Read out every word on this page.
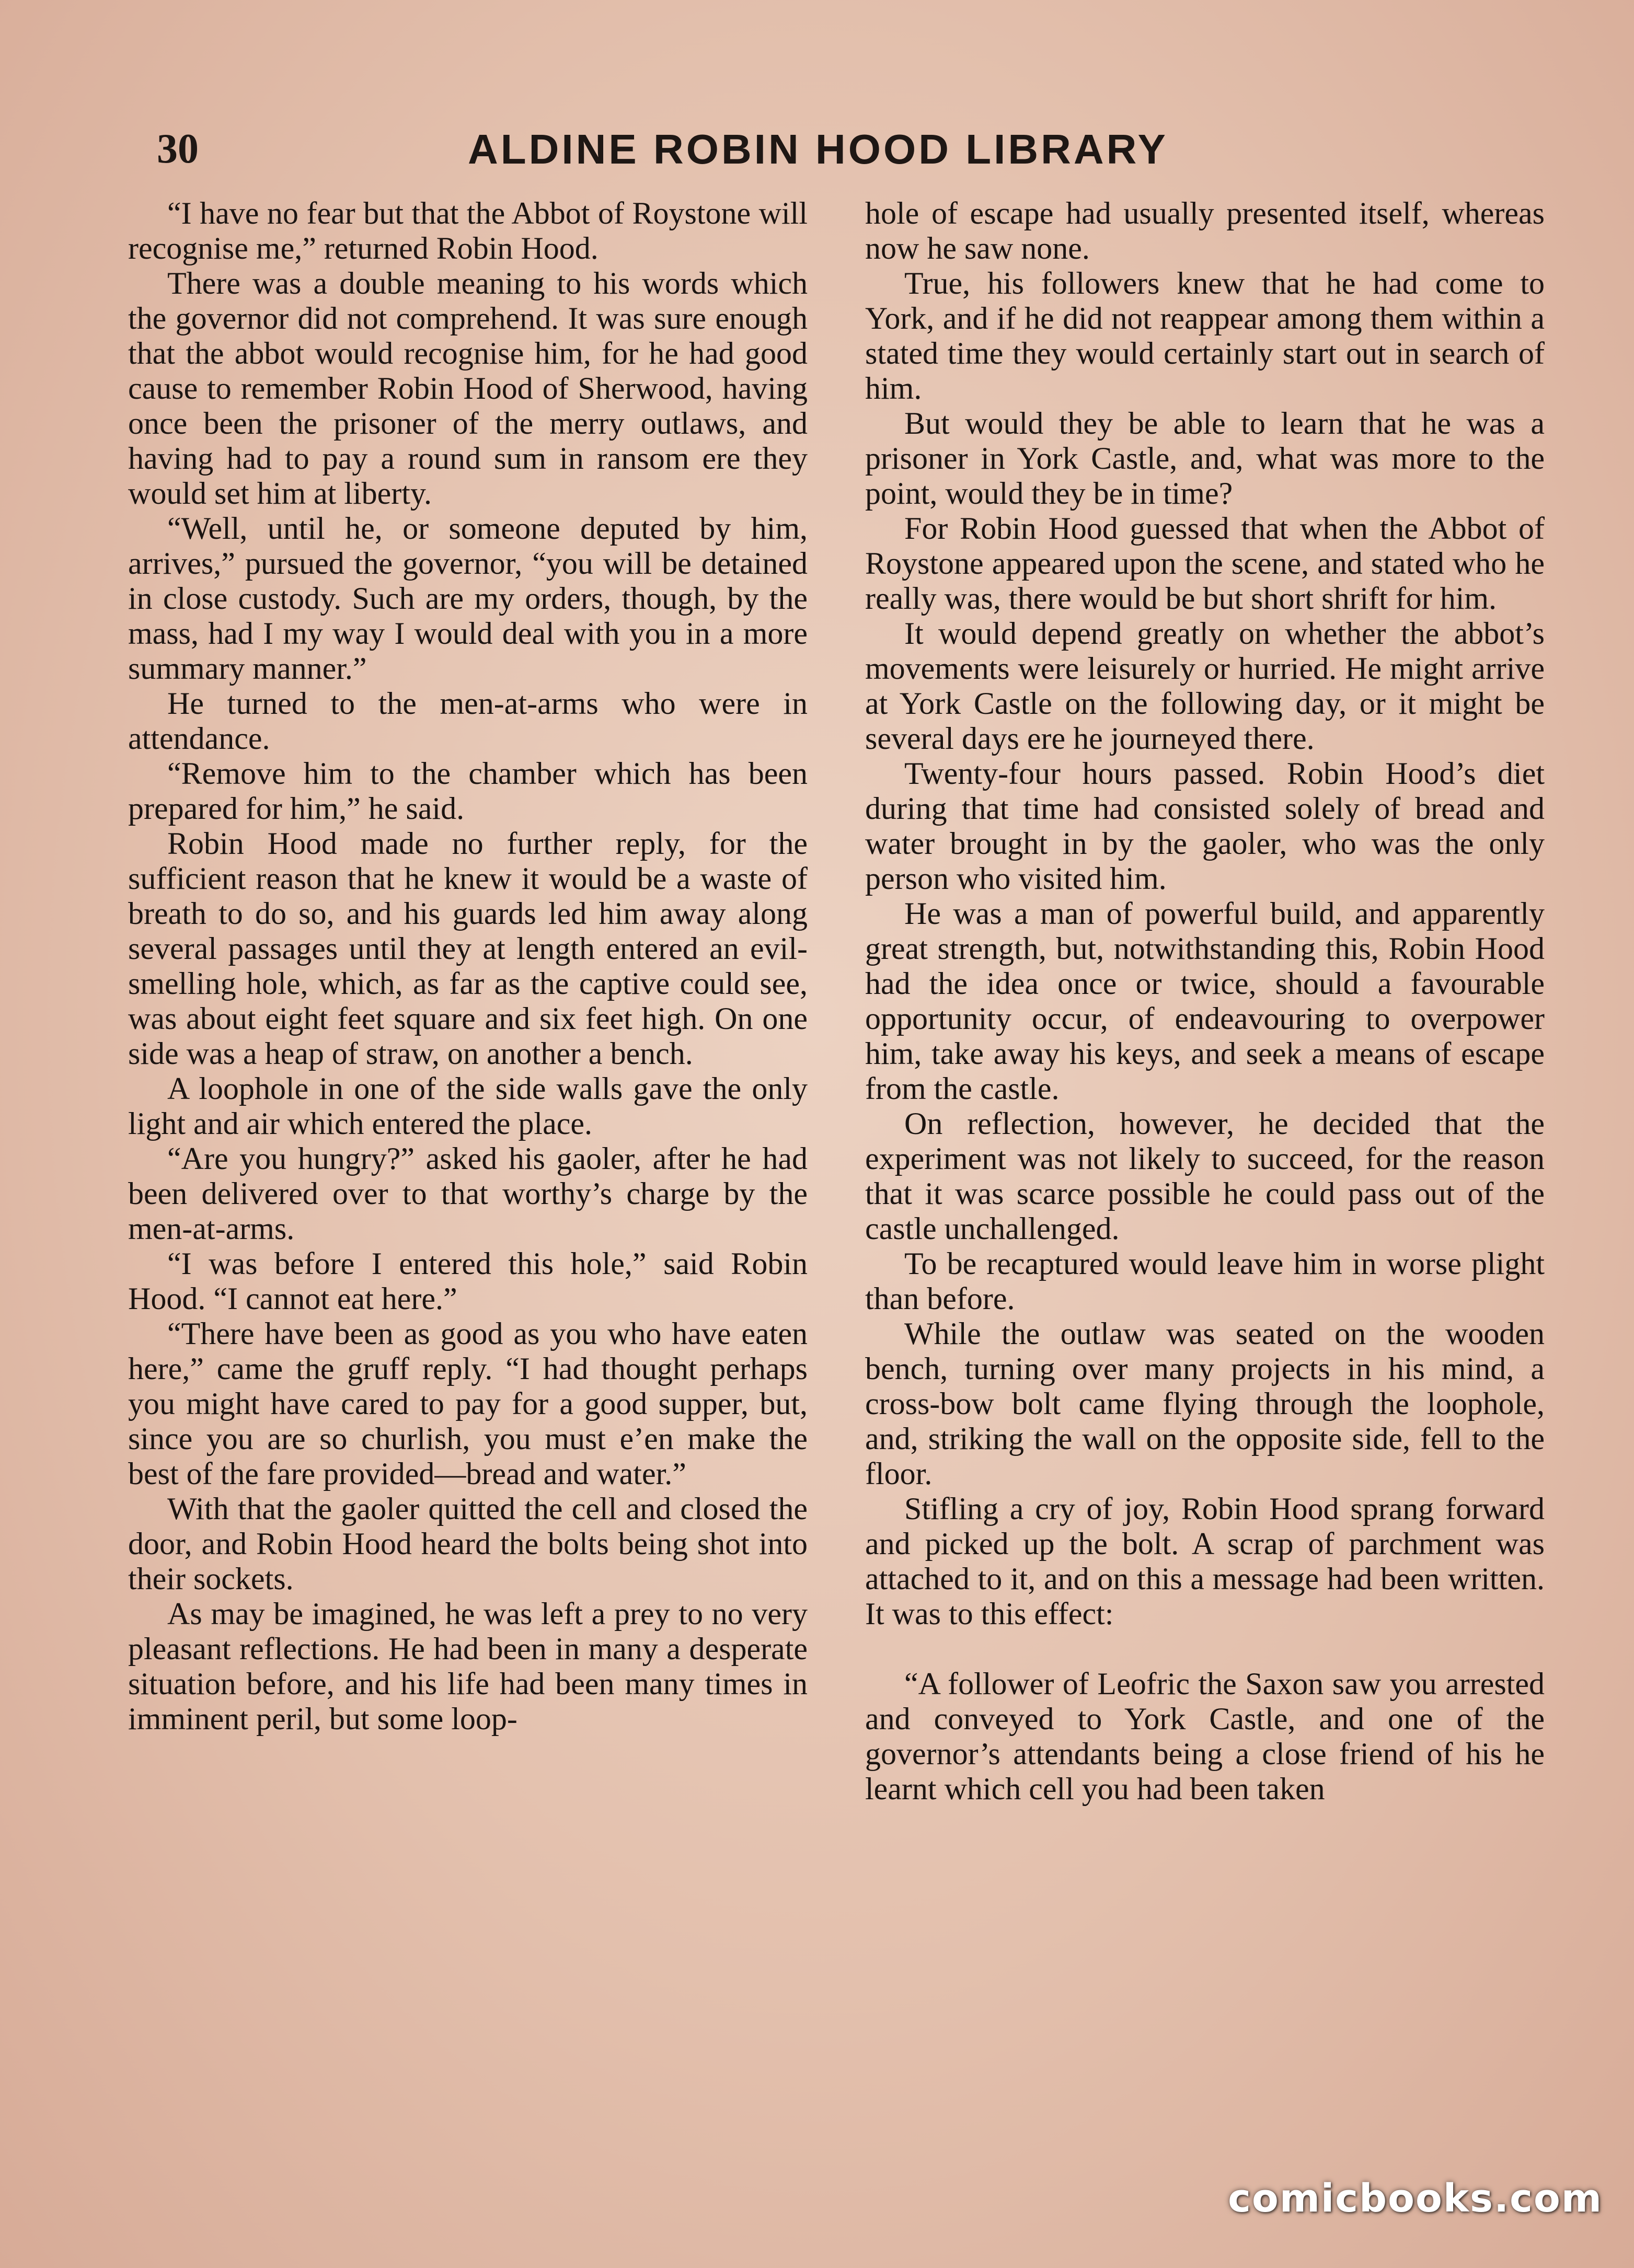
30	ALDINE ROBIN HOOD LIBRARY

“I have no fear but that the Abbot of Roystone will recognise me,” returned Robin Hood.

There was a double meaning to his words which the governor did not comprehend. It was sure enough that the abbot would recognise him, for he had good cause to remember Robin Hood of Sherwood, having once been the prisoner of the merry outlaws, and having had to pay a round sum in ransom ere they would set him at liberty.

“Well, until he, or someone deputed by him, arrives,” pursued the governor, “you will be detained in close custody. Such are my orders, though, by the mass, had I my way I would deal with you in a more summary manner.”

He turned to the men-at-arms who were in attendance.

“Remove him to the chamber which has been prepared for him,” he said.

Robin Hood made no further reply, for the sufficient reason that he knew it would be a waste of breath to do so, and his guards led him away along several passages until they at length entered an evil-smelling hole, which, as far as the captive could see, was about eight feet square and six feet high. On one side was a heap of straw, on another a bench.

A loophole in one of the side walls gave the only light and air which entered the place.

“Are you hungry?” asked his gaoler, after he had been delivered over to that worthy’s charge by the men-at-arms.

“I was before I entered this hole,” said Robin Hood. “I cannot eat here.”

“There have been as good as you who have eaten here,” came the gruff reply. “I had thought perhaps you might have cared to pay for a good supper, but, since you are so churlish, you must e’en make the best of the fare provided—bread and water.”

With that the gaoler quitted the cell and closed the door, and Robin Hood heard the bolts being shot into their sockets.

As may be imagined, he was left a prey to no very pleasant reflections. He had been in many a desperate situation before, and his life had been many times in imminent peril, but some loop-

hole of escape had usually presented itself, whereas now he saw none.

True, his followers knew that he had come to York, and if he did not reappear among them within a stated time they would certainly start out in search of him.

But would they be able to learn that he was a prisoner in York Castle, and, what was more to the point, would they be in time?

For Robin Hood guessed that when the Abbot of Roystone appeared upon the scene, and stated who he really was, there would be but short shrift for him.

It would depend greatly on whether the abbot’s movements were leisurely or hurried. He might arrive at York Castle on the following day, or it might be several days ere he journeyed there.

Twenty-four hours passed. Robin Hood’s diet during that time had consisted solely of bread and water brought in by the gaoler, who was the only person who visited him.

He was a man of powerful build, and apparently great strength, but, notwithstanding this, Robin Hood had the idea once or twice, should a favourable opportunity occur, of endeavouring to overpower him, take away his keys, and seek a means of escape from the castle.

On reflection, however, he decided that the experiment was not likely to succeed, for the reason that it was scarce possible he could pass out of the castle unchallenged.

To be recaptured would leave him in worse plight than before.

While the outlaw was seated on the wooden bench, turning over many projects in his mind, a cross-bow bolt came flying through the loophole, and, striking the wall on the opposite side, fell to the floor.

Stifling a cry of joy, Robin Hood sprang forward and picked up the bolt. A scrap of parchment was attached to it, and on this a message had been written. It was to this effect:

“A follower of Leofric the Saxon saw you arrested and conveyed to York Castle, and one of the governor’s attendants being a close friend of his he learnt which cell you had been taken

comicbooks.com
